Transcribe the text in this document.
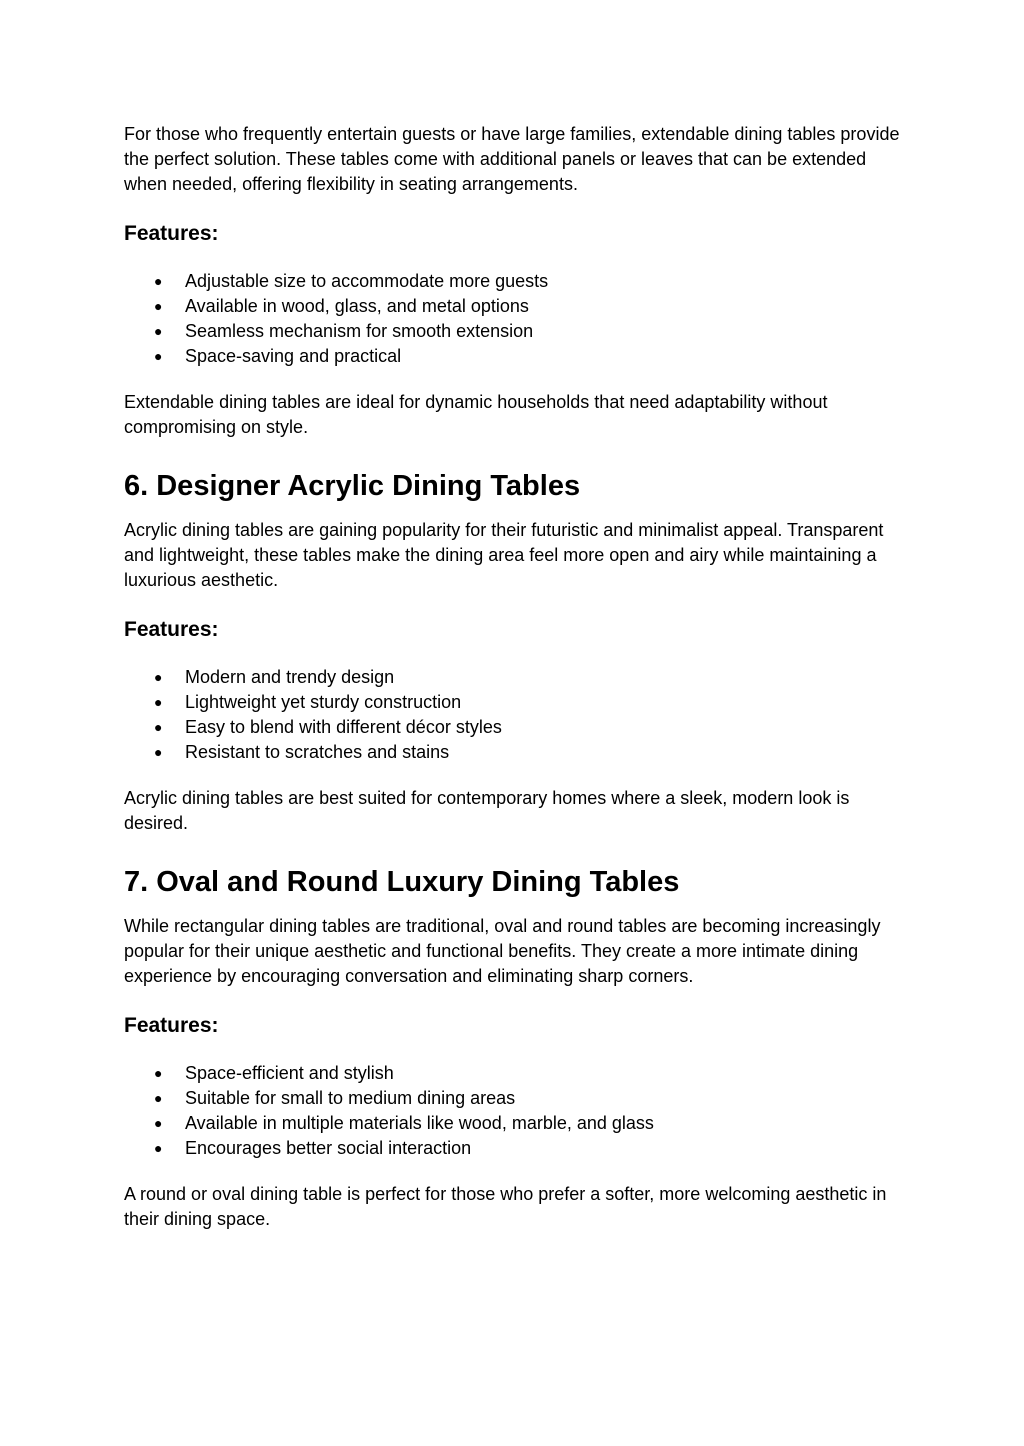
For those who frequently entertain guests or have large families, extendable dining tables provide the perfect solution. These tables come with additional panels or leaves that can be extended when needed, offering flexibility in seating arrangements.

Features:
● Adjustable size to accommodate more guests
● Available in wood, glass, and metal options
● Seamless mechanism for smooth extension
● Space-saving and practical

Extendable dining tables are ideal for dynamic households that need adaptability without compromising on style.

6. Designer Acrylic Dining Tables

Acrylic dining tables are gaining popularity for their futuristic and minimalist appeal. Transparent and lightweight, these tables make the dining area feel more open and airy while maintaining a luxurious aesthetic.

Features:
● Modern and trendy design
● Lightweight yet sturdy construction
● Easy to blend with different décor styles
● Resistant to scratches and stains

Acrylic dining tables are best suited for contemporary homes where a sleek, modern look is desired.

7. Oval and Round Luxury Dining Tables

While rectangular dining tables are traditional, oval and round tables are becoming increasingly popular for their unique aesthetic and functional benefits. They create a more intimate dining experience by encouraging conversation and eliminating sharp corners.

Features:
● Space-efficient and stylish
● Suitable for small to medium dining areas
● Available in multiple materials like wood, marble, and glass
● Encourages better social interaction

A round or oval dining table is perfect for those who prefer a softer, more welcoming aesthetic in their dining space.
